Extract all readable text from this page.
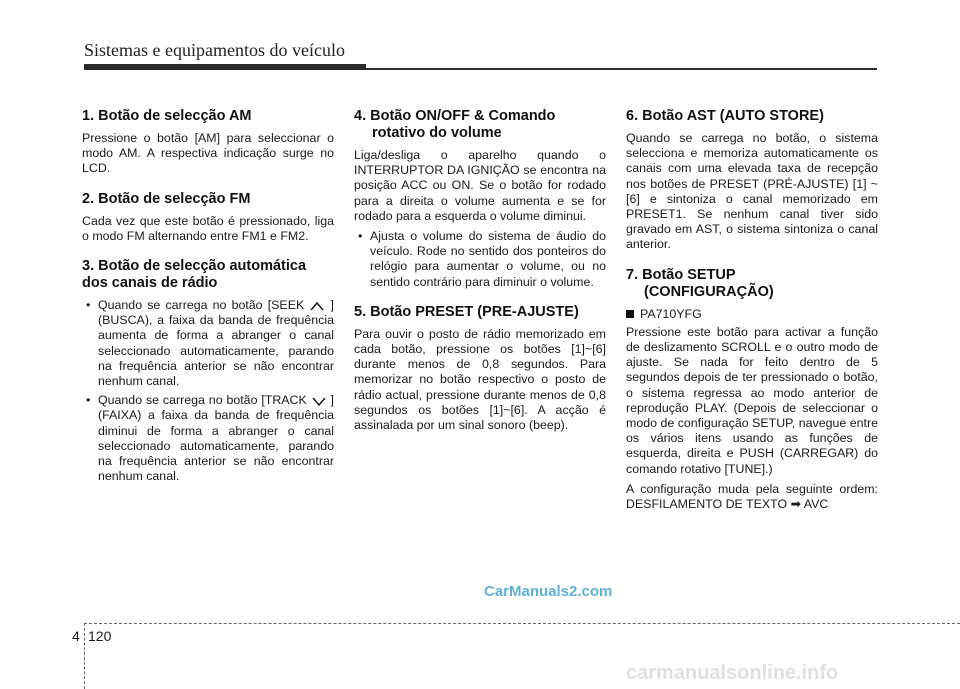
Sistemas e equipamentos do veículo
1. Botão de selecção AM
Pressione o botão [AM] para seleccionar o modo AM. A respectiva indicação surge no LCD.
2. Botão de selecção FM
Cada vez que este botão é pressionado, liga o modo FM alternando entre FM1 e FM2.
3. Botão de selecção automática dos canais de rádio
• Quando se carrega no botão [SEEK ] (BUSCA), a faixa da banda de frequência aumenta de forma a abranger o canal seleccionado automaticamente, parando na frequência anterior se não encontrar nenhum canal.
• Quando se carrega no botão [TRACK ] (FAIXA) a faixa da banda de frequência diminui de forma a abranger o canal seleccionado automaticamente, parando na frequência anterior se não encontrar nenhum canal.
4. Botão ON/OFF & Comando
rotativo do volume
Liga/desliga o aparelho quando o INTERRUPTOR DA IGNIÇÃO se encontra na posição ACC ou ON. Se o botão for rodado para a direita o volume aumenta e se for rodado para a esquerda o volume diminui.
• Ajusta o volume do sistema de áudio do veículo. Rode no sentido dos ponteiros do relógio para aumentar o volume, ou no sentido contrário para diminuir o volume.
5. Botão PRESET (PRE-AJUSTE)
Para ouvir o posto de rádio memorizado em cada botão, pressione os botões [1]~[6] durante menos de 0,8 segundos. Para memorizar no botão respectivo o posto de rádio actual, pressione durante menos de 0,8 segundos os botões [1]~[6]. A acção é assinalada por um sinal sonoro (beep).
6. Botão AST (AUTO STORE)
Quando se carrega no botão, o sistema selecciona e memoriza automaticamente os canais com uma elevada taxa de recepção nos botões de PRESET (PRÉ-AJUSTE) [1] ~ [6] e sintoniza o canal memorizado em PRESET1. Se nenhum canal tiver sido gravado em AST, o sistema sintoniza o canal anterior.
7. Botão SETUP
(CONFIGURAÇÃO)
PA710YFG
Pressione este botão para activar a função de deslizamento SCROLL e o outro modo de ajuste. Se nada for feito dentro de 5 segundos depois de ter pressionado o botão, o sistema regressa ao modo anterior de reprodução PLAY. (Depois de seleccionar o modo de configuração SETUP, navegue entre os vários itens usando as funções de esquerda, direita e PUSH (CARREGAR) do comando rotativo [TUNE].)
A configuração muda pela seguinte ordem: DESFILAMENTO DE TEXTO ➡ AVC
CarManuals2.com
4 120
carmanualsonline.info
